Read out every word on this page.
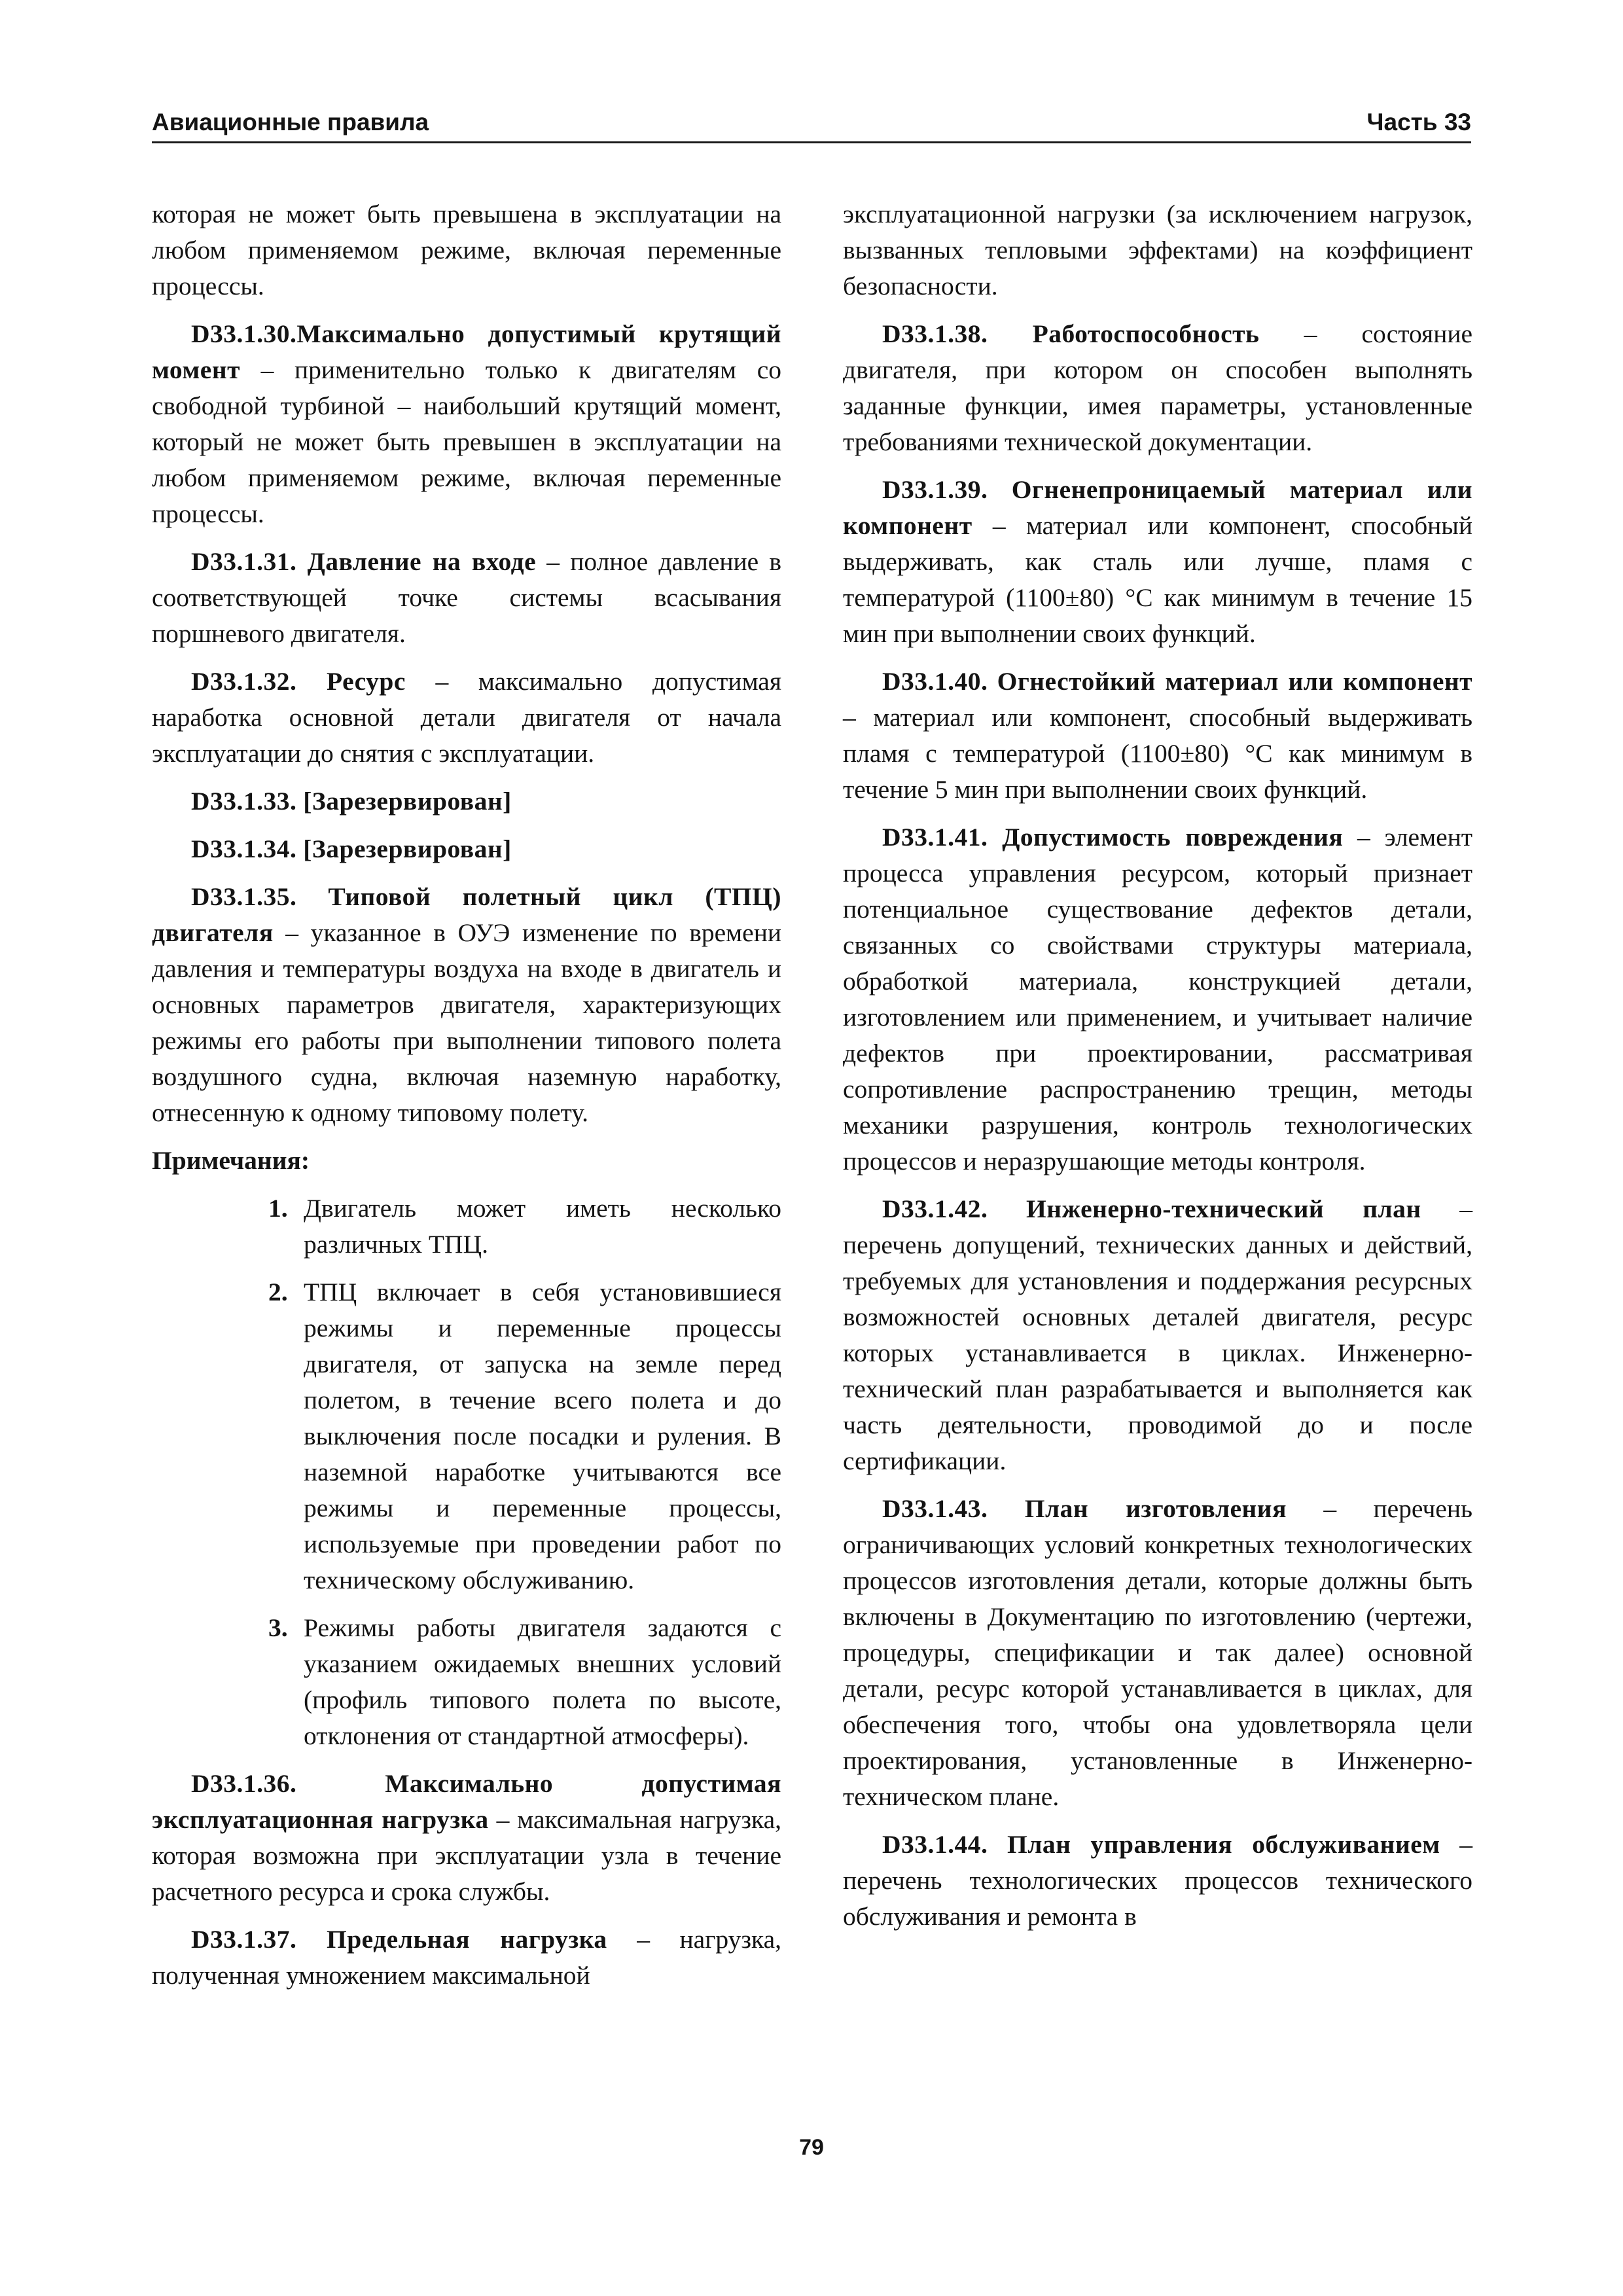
Авиационные правила	Часть 33

которая не может быть превышена в эксплуатации на любом применяемом режиме, включая переменные процессы.

D33.1.30.Максимально допустимый крутящий момент – применительно только к двигателям со свободной турбиной – наибольший крутящий момент, который не может быть превышен в эксплуатации на любом применяемом режиме, включая переменные процессы.

D33.1.31. Давление на входе – полное давление в соответствующей точке системы всасывания поршневого двигателя.

D33.1.32. Ресурс – максимально допустимая наработка основной детали двигателя от начала эксплуатации до снятия с эксплуатации.

D33.1.33. [Зарезервирован]

D33.1.34. [Зарезервирован]

D33.1.35. Типовой полетный цикл (ТПЦ) двигателя – указанное в ОУЭ изменение по времени давления и температуры воздуха на входе в двигатель и основных параметров двигателя, характеризующих режимы его работы при выполнении типового полета воздушного судна, включая наземную наработку, отнесенную к одному типовому полету.

Примечания:

1. Двигатель может иметь несколько различных ТПЦ.
2. ТПЦ включает в себя установившиеся режимы и переменные процессы двигателя, от запуска на земле перед полетом, в течение всего полета и до выключения после посадки и руления. В наземной наработке учитываются все режимы и переменные процессы, используемые при проведении работ по техническому обслуживанию.
3. Режимы работы двигателя задаются с указанием ожидаемых внешних условий (профиль типового полета по высоте, отклонения от стандартной атмосферы).

D33.1.36.	Максимально допустимая эксплуатационная нагрузка – максимальная нагрузка, которая возможна при эксплуатации узла в течение расчетного ресурса и срока службы.

D33.1.37. Предельная нагрузка – нагрузка, полученная умножением максимальной

эксплуатационной нагрузки (за исключением нагрузок, вызванных тепловыми эффектами) на коэффициент безопасности.

D33.1.38. Работоспособность – состояние двигателя, при котором он способен выполнять заданные функции, имея параметры, установленные требованиями технической документации.

D33.1.39. Огненепроницаемый материал или компонент – материал или компонент, способный выдерживать, как сталь или лучше, пламя с температурой (1100±80) °С как минимум в течение 15 мин при выполнении своих функций.

D33.1.40. Огнестойкий материал или компонент – материал или компонент, способный выдерживать пламя с температурой (1100±80) °С как минимум в течение 5 мин при выполнении своих функций.

D33.1.41. Допустимость повреждения – элемент процесса управления ресурсом, который признает потенциальное существование дефектов детали, связанных со свойствами структуры материала, обработкой материала, конструкцией детали, изготовлением или применением, и учитывает наличие дефектов при проектировании, рассматривая сопротивление распространению трещин, методы механики разрушения, контроль технологических процессов и неразрушающие методы контроля.

D33.1.42. Инженерно-технический план – перечень допущений, технических данных и действий, требуемых для установления и поддержания ресурсных возможностей основных деталей двигателя, ресурс которых устанавливается в циклах. Инженерно-технический план разрабатывается и выполняется как часть деятельности, проводимой до и после сертификации.

D33.1.43. План изготовления – перечень ограничивающих условий конкретных технологических процессов изготовления детали, которые должны быть включены в Документацию по изготовлению (чертежи, процедуры, спецификации и так далее) основной детали, ресурс которой устанавливается в циклах, для обеспечения того, чтобы она удовлетворяла цели проектирования, установленные в Инженерно-техническом плане.

D33.1.44. План управления обслуживанием – перечень технологических процессов технического обслуживания и ремонта в

79
